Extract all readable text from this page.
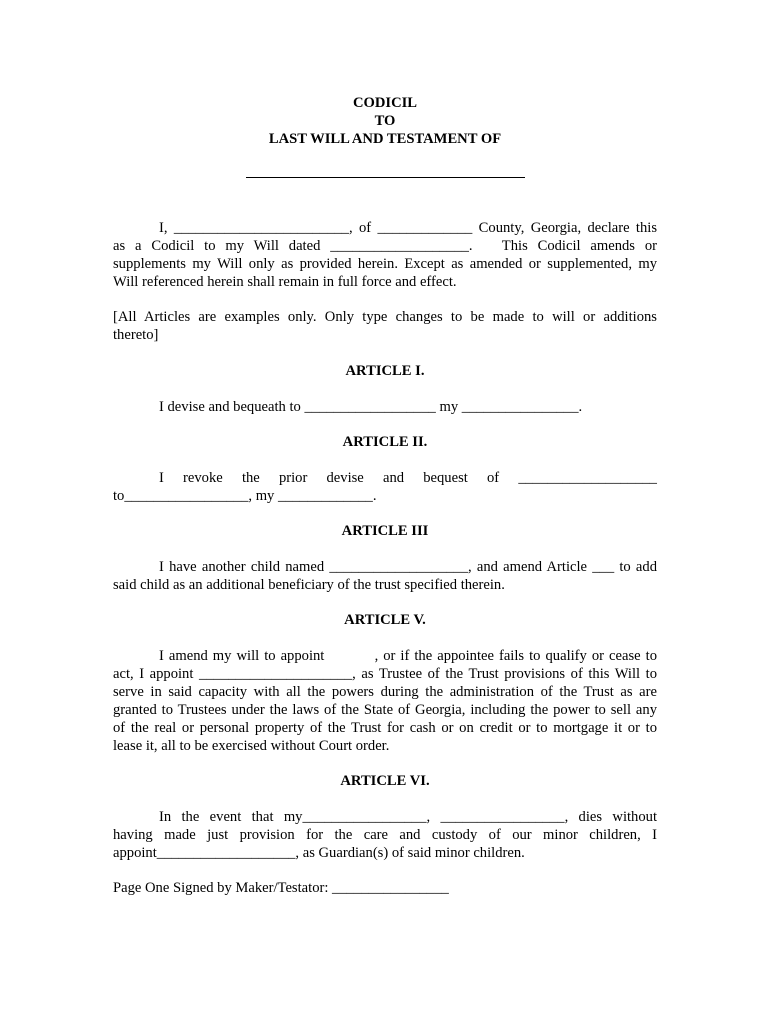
CODICIL
TO
LAST WILL AND TESTAMENT OF
I, ________________________, of _____________ County, Georgia, declare this
as a Codicil to my Will dated ___________________.   This Codicil amends or
supplements my Will only as provided herein. Except as amended or supplemented, my
Will referenced herein shall remain in full force and effect.
[All Articles are examples only. Only type changes to be made to will or additions
thereto]
ARTICLE I.
I devise and bequeath to __________________ my ________________.
ARTICLE II.
I revoke the prior devise and bequest of ___________________
to_________________, my _____________.
ARTICLE III
I have another child named ___________________, and amend Article ___ to add
said child as an additional beneficiary of the trust specified therein.
ARTICLE V.
I amend my will to appoint          , or if the appointee fails to qualify or cease to
act, I appoint _____________________, as Trustee of the Trust provisions of this Will to
serve in said capacity with all the powers during the administration of the Trust as are
granted to Trustees under the laws of the State of Georgia, including the power to sell any
of the real or personal property of the Trust for cash or on credit or to mortgage it or to
lease it, all to be exercised without Court order.
ARTICLE VI.
In the event that my_________________, _________________, dies without
having made just provision for the care and custody of our minor children, I
appoint___________________, as Guardian(s) of said minor children.
Page One Signed by Maker/Testator: ________________
